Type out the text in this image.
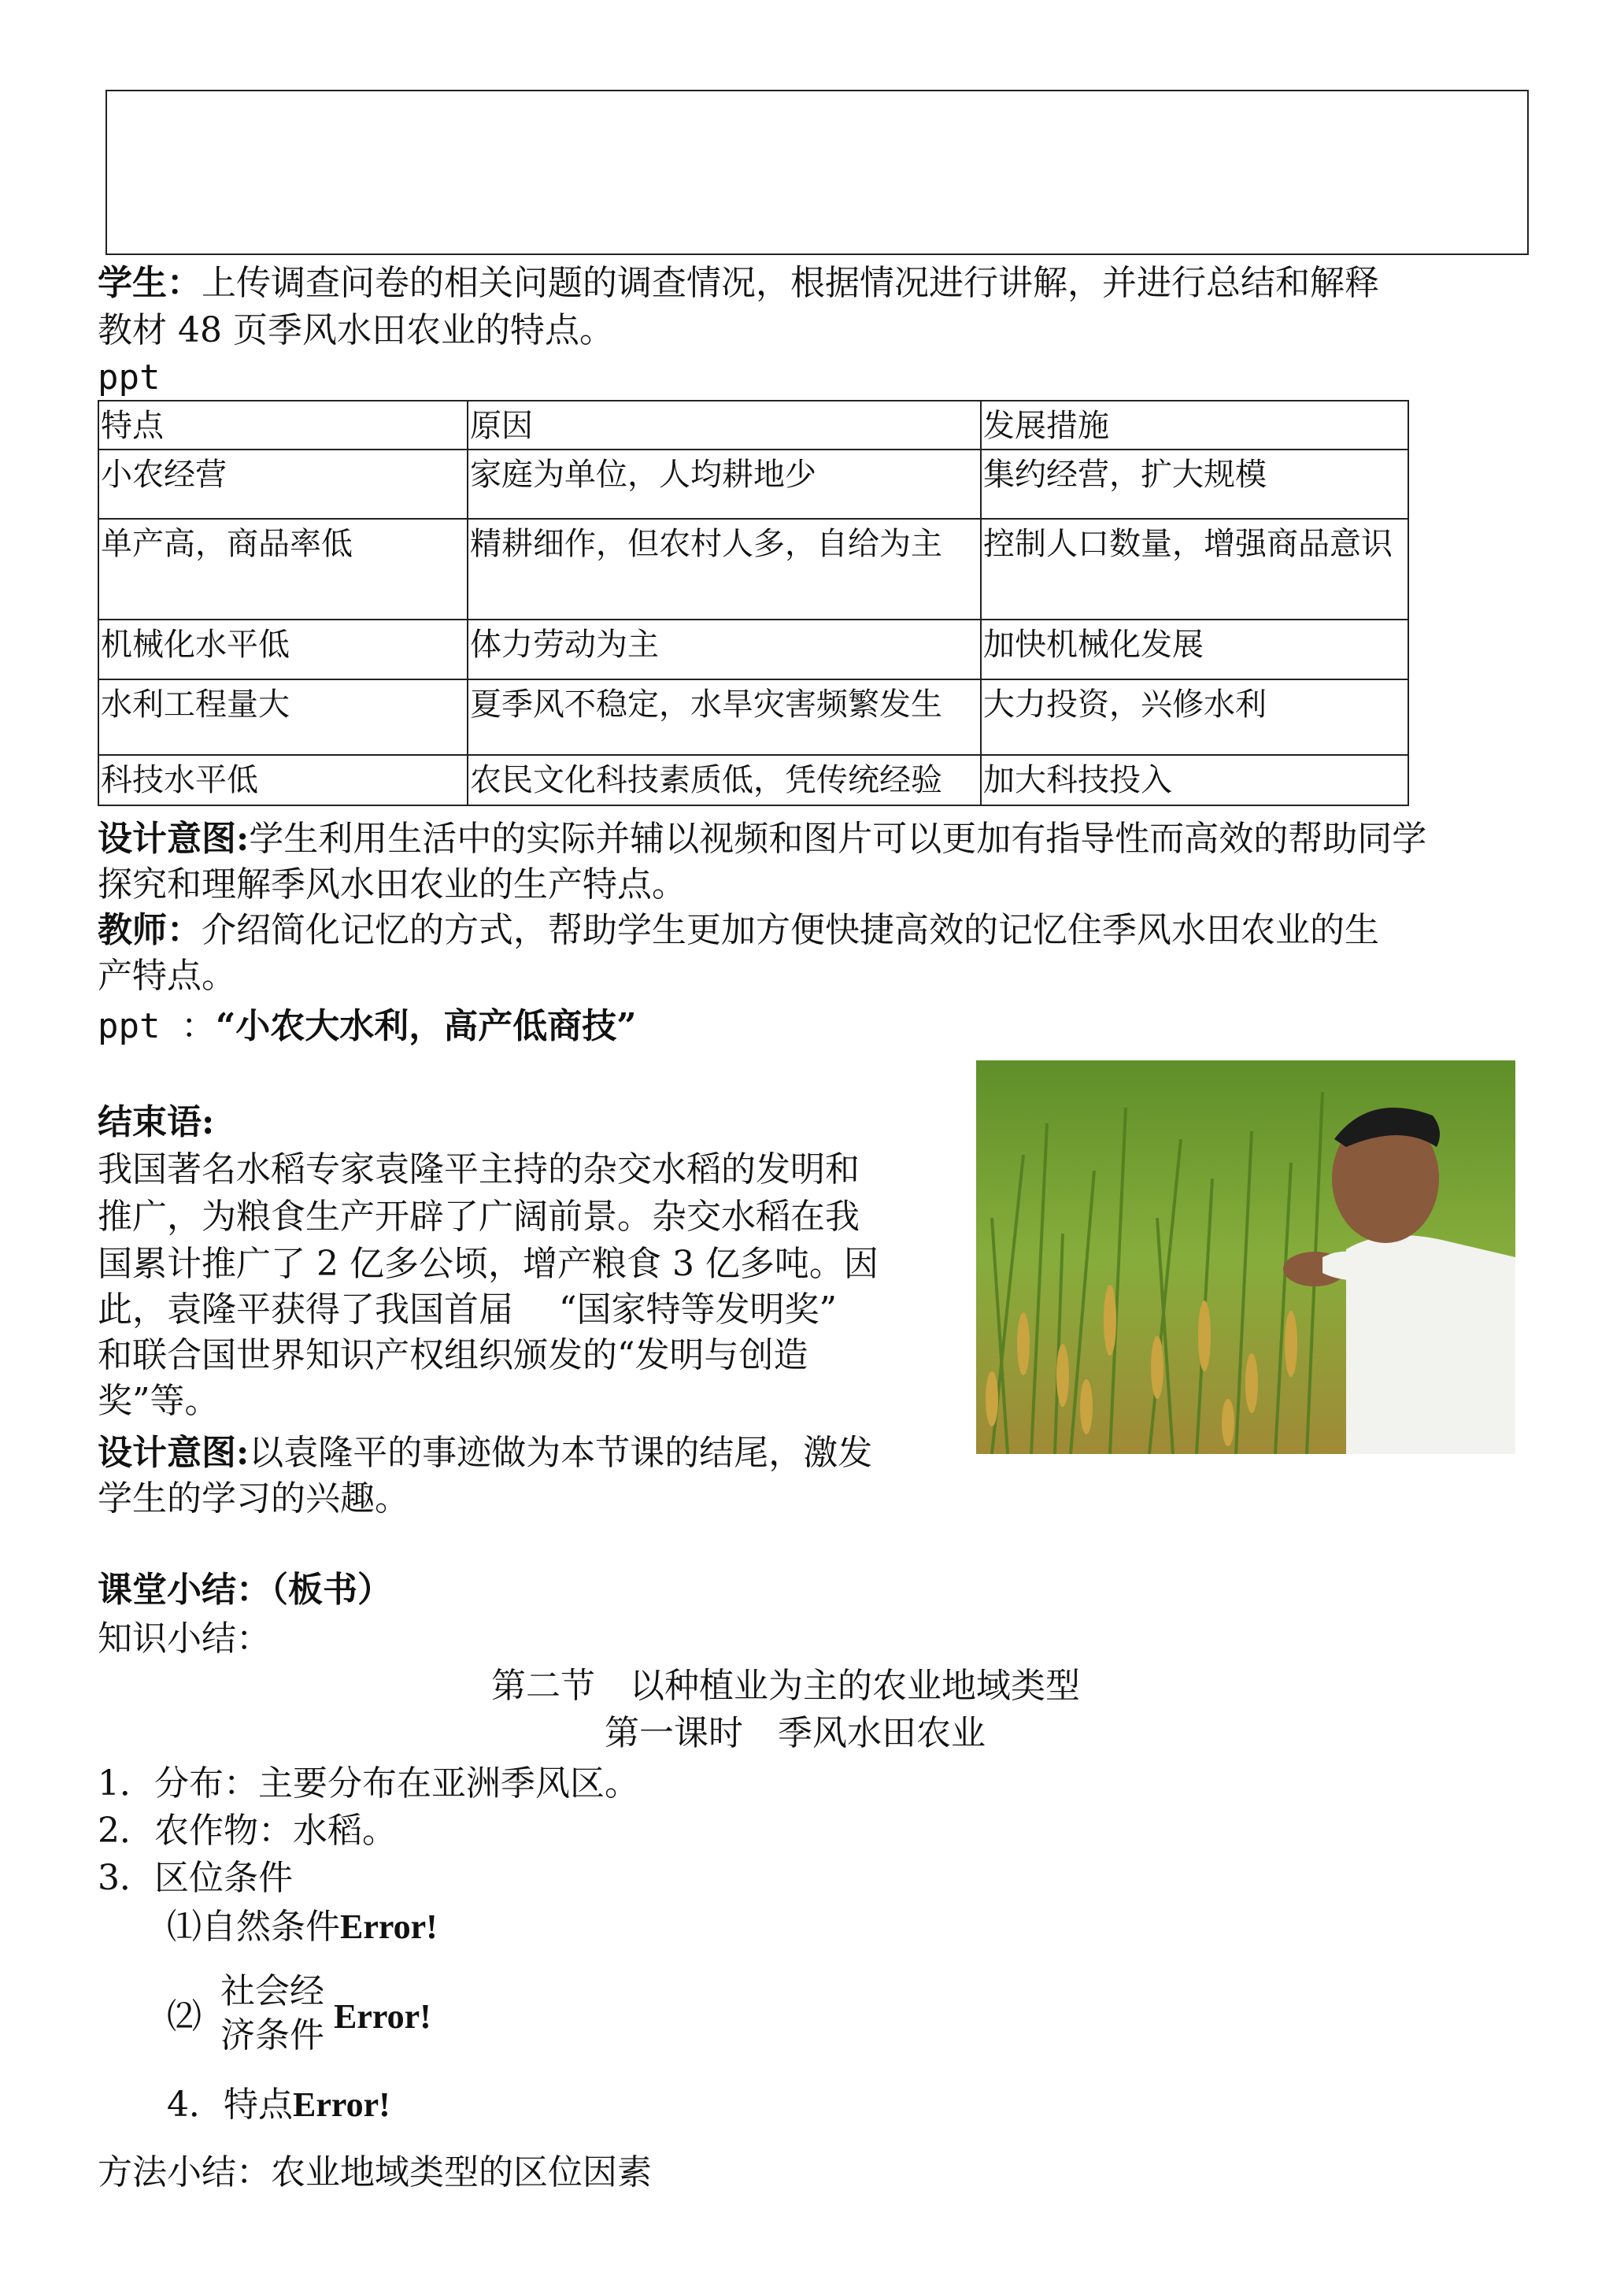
学生：上传调查问卷的相关问题的调查情况，根据情况进行讲解，并进行总结和解释
教材 48 页季风水田农业的特点。
ppt
特点	原因	发展措施
小农经营	家庭为单位，人均耕地少	集约经营，扩大规模
单产高，商品率低	精耕细作，但农村人多，自给为主	控制人口数量，增强商品意识
机械化水平低	体力劳动为主	加快机械化发展
水利工程量大	夏季风不稳定，水旱灾害频繁发生	大力投资，兴修水利
科技水平低	农民文化科技素质低，凭传统经验	加大科技投入
设计意图:学生利用生活中的实际并辅以视频和图片可以更加有指导性而高效的帮助同学
探究和理解季风水田农业的生产特点。
教师：介绍简化记忆的方式，帮助学生更加方便快捷高效的记忆住季风水田农业的生
产特点。
ppt ：“小农大水利，高产低商技”
结束语:
我国著名水稻专家袁隆平主持的杂交水稻的发明和
推广，为粮食生产开辟了广阔前景。杂交水稻在我
国累计推广了 2 亿多公顷，增产粮食 3 亿多吨。因
此，袁隆平获得了我国首届　 “国家特等发明奖”
和联合国世界知识产权组织颁发的“发明与创造
奖”等。
设计意图:以袁隆平的事迹做为本节课的结尾，激发
学生的学习的兴趣。
课堂小结：（板书）
知识小结：
第二节　以种植业为主的农业地域类型
第一课时　季风水田农业
1．分布：主要分布在亚洲季风区。
2．农作物：水稻。
3．区位条件
⑴自然条件Error!
⑵
社会经
济条件 Error!
4．特点Error!
方法小结：农业地域类型的区位因素
